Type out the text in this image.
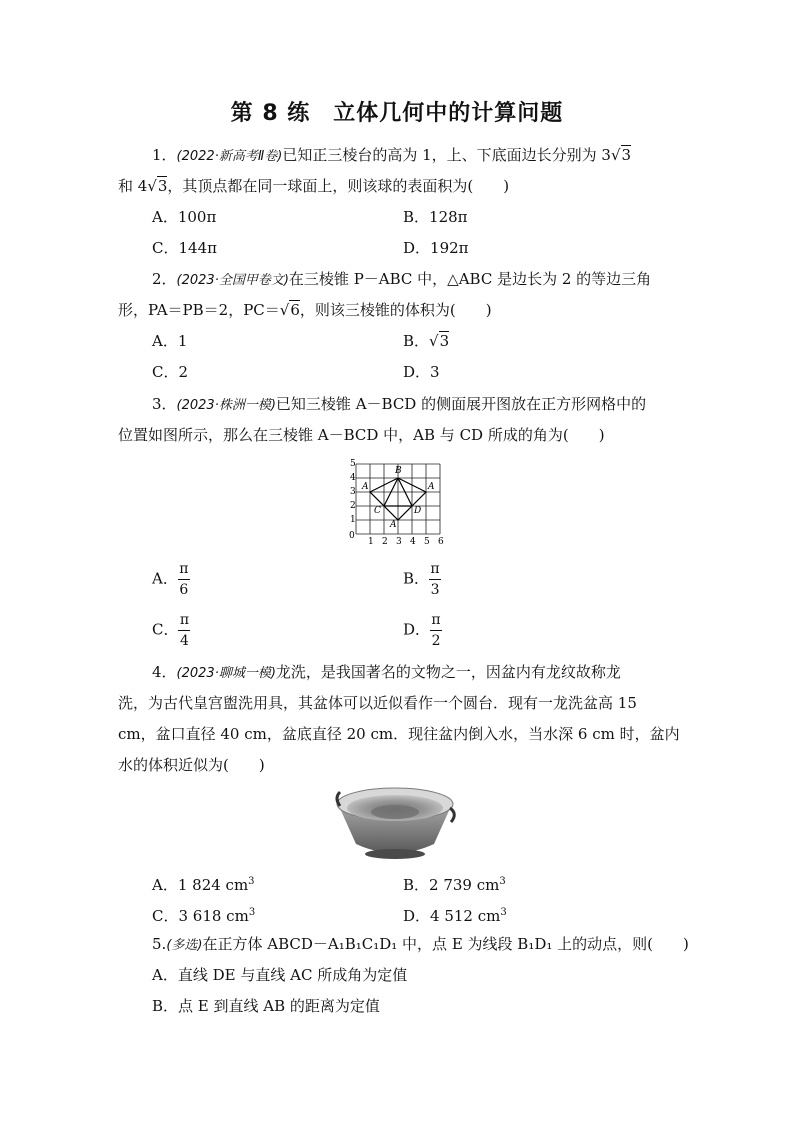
第 8 练　立体几何中的计算问题
1．(2022·新高考Ⅱ卷)已知正三棱台的高为 1，上、下底面边长分别为 3√3
和 4√3，其顶点都在同一球面上，则该球的表面积为(　　)
A．100π	B．128π
C．144π	D．192π
2．(2023·全国甲卷文)在三棱锥 P－ABC 中，△ABC 是边长为 2 的等边三角
形，PA＝PB＝2，PC＝√6，则该三棱锥的体积为(　　)
A．1	B．√3
C．2	D．3
3．(2023·株洲一模)已知三棱锥 A－BCD 的侧面展开图放在正方形网格中的
位置如图所示，那么在三棱锥 A－BCD 中，AB 与 CD 所成的角为(　　)
5
4
3
2
1
0
1 2 3 4 5 6
A
B
A
C	D
A
A． $\frac{\pi}{6}$	B． $\frac{\pi}{3}$
C． $\frac{\pi}{4}$	D． $\frac{\pi}{2}$
4．(2023·聊城一模)龙洗，是我国著名的文物之一，因盆内有龙纹故称龙
洗，为古代皇宫盥洗用具，其盆体可以近似看作一个圆台．现有一龙洗盆高 15
cm，盆口直径 40 cm，盆底直径 20 cm．现往盆内倒入水，当水深 6 cm 时，盆内
水的体积近似为(　　)
A．1 824 $cm^3$	B．2 739 $cm^3$
C．3 618 $cm^3$	D．4 512 $cm^3$
5.(多选)在正方体 ABCD－A₁B₁C₁D₁ 中，点 E 为线段 B₁D₁ 上的动点，则(　　)
A．直线 DE 与直线 AC 所成角为定值
B．点 E 到直线 AB 的距离为定值
